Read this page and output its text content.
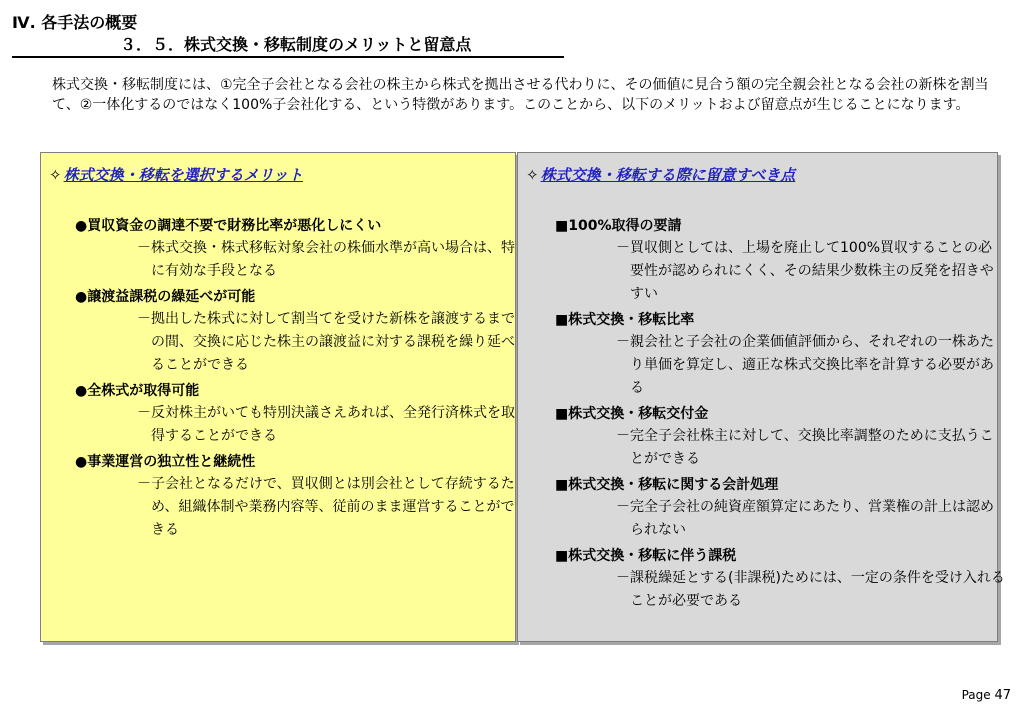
Ⅳ. 各手法の概要
３．５．株式交換・移転制度のメリットと留意点
株式交換・移転制度には、①完全子会社となる会社の株主から株式を拠出させる代わりに、その価値に見合う額の完全親会社となる会社の新株を割当て、②一体化するのではなく100%子会社化する、という特徴があります。このことから、以下のメリットおよび留意点が生じることになります。
✧ 株式交換・移転を選択するメリット
●買収資金の調達不要で財務比率が悪化しにくい
－株式交換・株式移転対象会社の株価水準が高い場合は、特に有効な手段となる
●譲渡益課税の繰延べが可能
－拠出した株式に対して割当てを受けた新株を譲渡するまでの間、交換に応じた株主の譲渡益に対する課税を繰り延べることができる
●全株式が取得可能
－反対株主がいても特別決議さえあれば、全発行済株式を取得することができる
●事業運営の独立性と継続性
－子会社となるだけで、買収側とは別会社として存続するため、組織体制や業務内容等、従前のまま運営することができる
✧ 株式交換・移転する際に留意すべき点
■100%取得の要請
－買収側としては、上場を廃止して100%買収することの必要性が認められにくく、その結果少数株主の反発を招きやすい
■株式交換・移転比率
－親会社と子会社の企業価値評価から、それぞれの一株あたり単価を算定し、適正な株式交換比率を計算する必要がある
■株式交換・移転交付金
－完全子会社株主に対して、交換比率調整のために支払うことができる
■株式交換・移転に関する会計処理
－完全子会社の純資産額算定にあたり、営業権の計上は認められない
■株式交換・移転に伴う課税
－課税繰延とする(非課税)ためには、一定の条件を受け入れることが必要である
Page 47
